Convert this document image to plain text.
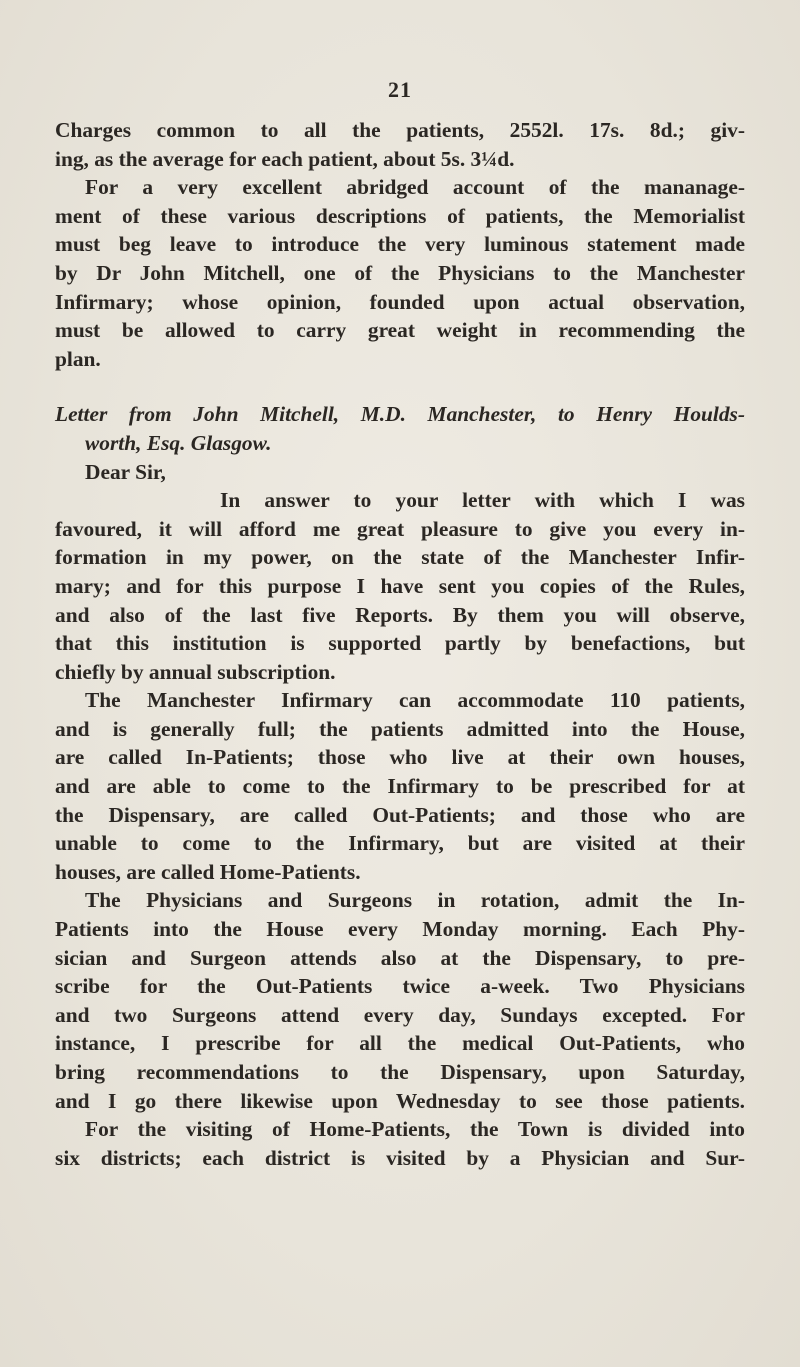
21
Charges common to all the patients, 2552l. 17s. 8d.; giv-
ing, as the average for each patient, about 5s. 3¼d.
For a very excellent abridged account of the mananage-
ment of these various descriptions of patients, the Memorialist
must beg leave to introduce the very luminous statement made
by Dr John Mitchell, one of the Physicians to the Manchester
Infirmary; whose opinion, founded upon actual observation,
must be allowed to carry great weight in recommending the
plan.
Letter from John Mitchell, M.D. Manchester, to Henry Houlds-
worth, Esq. Glasgow.
Dear Sir,
In answer to your letter with which I was
favoured, it will afford me great pleasure to give you every in-
formation in my power, on the state of the Manchester Infir-
mary; and for this purpose I have sent you copies of the Rules,
and also of the last five Reports. By them you will observe,
that this institution is supported partly by benefactions, but
chiefly by annual subscription.
The Manchester Infirmary can accommodate 110 patients,
and is generally full; the patients admitted into the House,
are called In-Patients; those who live at their own houses,
and are able to come to the Infirmary to be prescribed for at
the Dispensary, are called Out-Patients; and those who are
unable to come to the Infirmary, but are visited at their
houses, are called Home-Patients.
The Physicians and Surgeons in rotation, admit the In-
Patients into the House every Monday morning. Each Phy-
sician and Surgeon attends also at the Dispensary, to pre-
scribe for the Out-Patients twice a-week. Two Physicians
and two Surgeons attend every day, Sundays excepted. For
instance, I prescribe for all the medical Out-Patients, who
bring recommendations to the Dispensary, upon Saturday,
and I go there likewise upon Wednesday to see those patients.
For the visiting of Home-Patients, the Town is divided into
six districts; each district is visited by a Physician and Sur-
